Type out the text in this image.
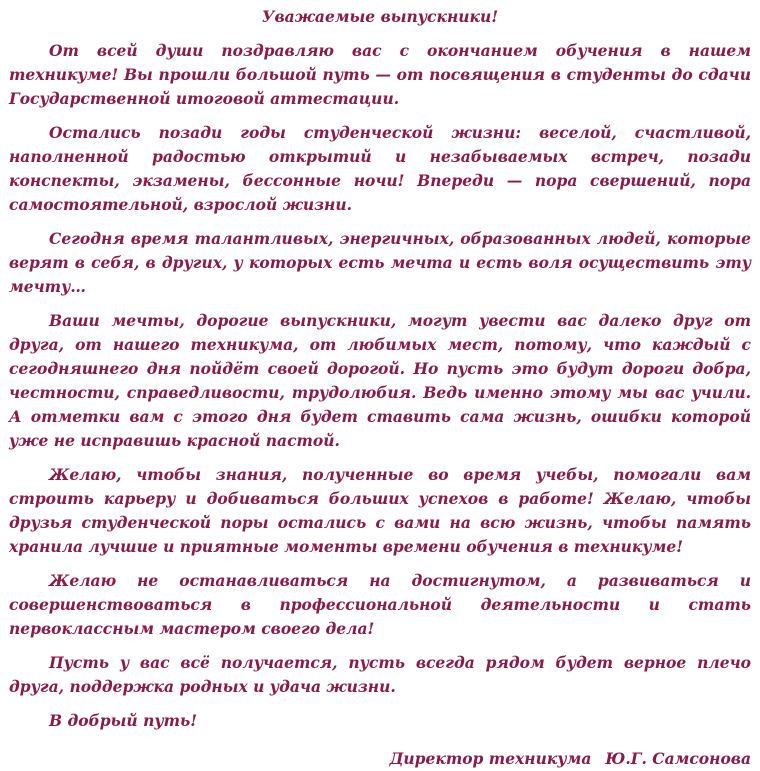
Уважаемые выпускники!

От всей души поздравляю вас с окончанием обучения в нашем техникуме! Вы прошли большой путь — от посвящения в студенты до сдачи Государственной итоговой аттестации.

Остались позади годы студенческой жизни: веселой, счастливой, наполненной радостью открытий и незабываемых встреч, позади конспекты, экзамены, бессонные ночи! Впереди — пора свершений, пора самостоятельной, взрослой жизни.

Сегодня время талантливых, энергичных, образованных людей, которые верят в себя, в других, у которых есть мечта и есть воля осуществить эту мечту…

Ваши мечты, дорогие выпускники, могут увести вас далеко друг от друга, от нашего техникума, от любимых мест, потому, что каждый с сегодняшнего дня пойдёт своей дорогой. Но пусть это будут дороги добра, честности, справедливости, трудолюбия. Ведь именно этому мы вас учили. А отметки вам с этого дня будет ставить сама жизнь, ошибки которой уже не исправишь красной пастой.

Желаю, чтобы знания, полученные во время учебы, помогали вам строить карьеру и добиваться больших успехов в работе! Желаю, чтобы друзья студенческой поры остались с вами на всю жизнь, чтобы память хранила лучшие и приятные моменты времени обучения в техникуме!

Желаю не останавливаться на достигнутом, а развиваться и совершенствоваться в профессиональной деятельности и стать первоклассным мастером своего дела!

Пусть у вас всё получается, пусть всегда рядом будет верное плечо друга, поддержка родных и удача жизни.

В добрый путь!

Директор техникума Ю.Г. Самсонова
